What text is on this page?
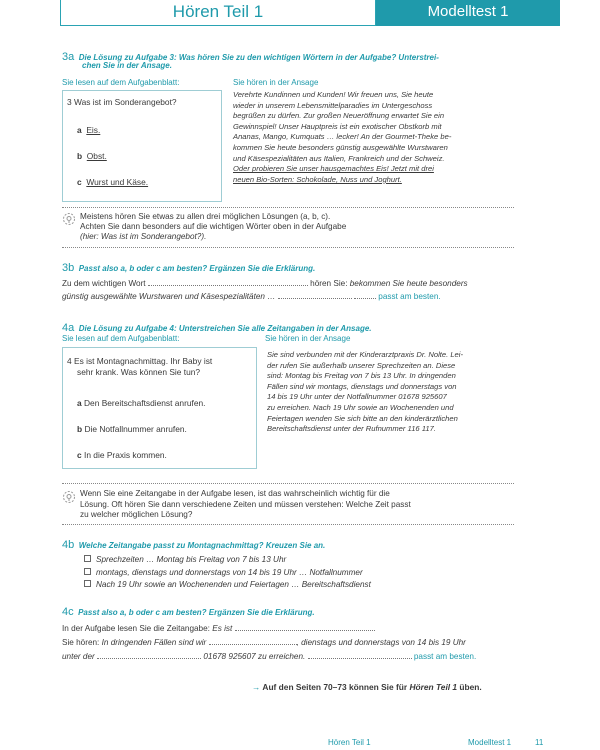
Hören Teil 1	Modelltest 1
3a Die Lösung zu Aufgabe 3: Was hören Sie zu den wichtigen Wörtern in der Aufgabe? Unterstrei-
chen Sie in der Ansage.
Sie lesen auf dem Aufgabenblatt:	Sie hören in der Ansage
3 Was ist im Sonderangebot?
a Eis.
b Obst.
c Wurst und Käse.
Verehrte Kundinnen und Kunden! Wir freuen uns, Sie heute
wieder in unserem Lebensmittelparadies im Untergeschoss
begrüßen zu dürfen. Zur großen Neueröffnung erwartet Sie ein
Gewinnspiel! Unser Hauptpreis ist ein exotischer Obstkorb mit
Ananas, Mango, Kumquats … lecker! An der Gourmet-Theke be-
kommen Sie heute besonders günstig ausgewählte Wurstwaren
und Käsespezialitäten aus Italien, Frankreich und der Schweiz.
Oder probieren Sie unser hausgemachtes Eis! Jetzt mit drei
neuen Bio-Sorten: Schokolade, Nuss und Joghurt.
Meistens hören Sie etwas zu allen drei möglichen Lösungen (a, b, c).
Achten Sie dann besonders auf die wichtigen Wörter oben in der Aufgabe
(hier: Was ist im Sonderangebot?).
3b Passt also a, b oder c am besten? Ergänzen Sie die Erklärung.
Zu dem wichtigen Wort	hören Sie: bekommen Sie heute besonders
günstig ausgewählte Wurstwaren und Käsespezialitäten …	passt am besten.
4a Die Lösung zu Aufgabe 4: Unterstreichen Sie alle Zeitangaben in der Ansage.
Sie lesen auf dem Aufgabenblatt:	Sie hören in der Ansage
4 Es ist Montagnachmittag. Ihr Baby ist
sehr krank. Was können Sie tun?
a Den Bereitschaftsdienst anrufen.
b Die Notfallnummer anrufen.
c In die Praxis kommen.
Sie sind verbunden mit der Kinderarztpraxis Dr. Nolte. Lei-
der rufen Sie außerhalb unserer Sprechzeiten an. Diese
sind: Montag bis Freitag von 7 bis 13 Uhr. In dringenden
Fällen sind wir montags, dienstags und donnerstags von
14 bis 19 Uhr unter der Notfallnummer 01678 925607
zu erreichen. Nach 19 Uhr sowie an Wochenenden und
Feiertagen wenden Sie sich bitte an den kinderärztlichen
Bereitschaftsdienst unter der Rufnummer 116 117.
Wenn Sie eine Zeitangabe in der Aufgabe lesen, ist das wahrscheinlich wichtig für die
Lösung. Oft hören Sie dann verschiedene Zeiten und müssen verstehen: Welche Zeit passt
zu welcher möglichen Lösung?
4b Welche Zeitangabe passt zu Montagnachmittag? Kreuzen Sie an.
Sprechzeiten … Montag bis Freitag von 7 bis 13 Uhr
montags, dienstags und donnerstags von 14 bis 19 Uhr … Notfallnummer
Nach 19 Uhr sowie an Wochenenden und Feiertagen … Bereitschaftsdienst
4c Passt also a, b oder c am besten? Ergänzen Sie die Erklärung.
In der Aufgabe lesen Sie die Zeitangabe: Es ist
Sie hören: In dringenden Fällen sind wir	, dienstags und donnerstags von 14 bis 19 Uhr
unter der	01678 925607 zu erreichen.	passt am besten.
→ Auf den Seiten 70–73 können Sie für Hören Teil 1 üben.
Hören Teil 1	Modelltest 1	11
